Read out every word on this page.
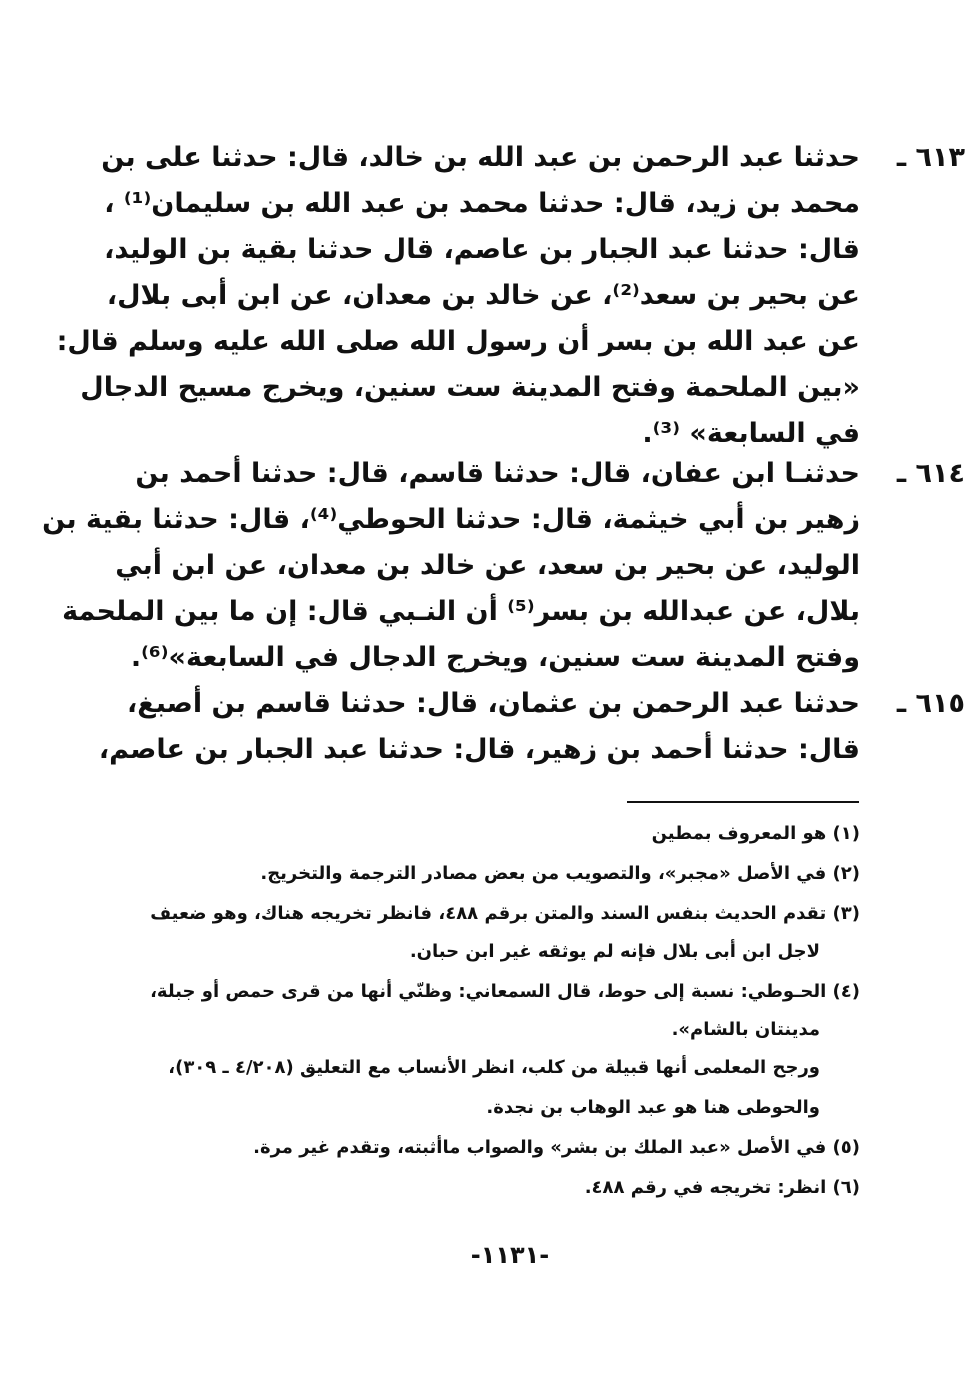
٦١٣ ـ
حدثنا عبد الرحمن بن عبد الله بن خالد، قال: حدثنا على بن
محمد بن زيد، قال: حدثنا محمد بن عبد الله بن سليمان⁽¹⁾ ،
قال: حدثنا عبد الجبار بن عاصم، قال حدثنا بقية بن الوليد،
عن بحير بن سعد⁽²⁾، عن خالد بن معدان، عن ابن أبى بلال،
عن عبد الله بن بسر أن رسول الله صلى الله عليه وسلم قال:
«بين الملحمة وفتح المدينة ست سنين، ويخرج مسيح الدجال
في السابعة» ⁽³⁾.
٦١٤ ـ
حدثنـا ابن عفان، قال: حدثنا قاسم، قال: حدثنا أحمد بن
زهير بن أبي خيثمة، قال: حدثنا الحوطي⁽⁴⁾، قال: حدثنا بقية بن
الوليد، عن بحير بن سعد، عن خالد بن معدان، عن ابن أبي
بلال، عن عبدالله بن بسر⁽⁵⁾ أن النـبي قال: إن ما بين الملحمة
وفتح المدينة ست سنين، ويخرج الدجال في السابعة»⁽⁶⁾.
٦١٥ ـ
حدثنا عبد الرحمن بن عثمان، قال: حدثنا قاسم بن أصبغ،
قال: حدثنا أحمد بن زهير، قال: حدثنا عبد الجبار بن عاصم،
(١) هو المعروف بمطين
(٢) في الأصل «مجبر»، والتصويب من بعض مصادر الترجمة والتخريج.
(٣) تقدم الحديث بنفس السند والمتن برقم ٤٨٨، فانظر تخريجه هناك، وهو ضعيف
لاجل ابن أبى بلال فإنه لم يوثقه غير ابن حبان.
(٤) الحـوطي: نسبة إلى حوط، قال السمعاني: وظنّي أنها من قرى حمص أو جبلة،
مدينتان بالشام».
ورجح المعلمى أنها قبيلة من كلب، انظر الأنساب مع التعليق (٤/٢٠٨ ـ ٣٠٩)،
والحوطى هنا هو عبد الوهاب بن نجدة.
(٥) في الأصل «عبد الملك بن بشر» والصواب ماأثبته، وتقدم غير مرة.
(٦) انظر: تخريجه في رقم ٤٨٨.
-١١٣١-
